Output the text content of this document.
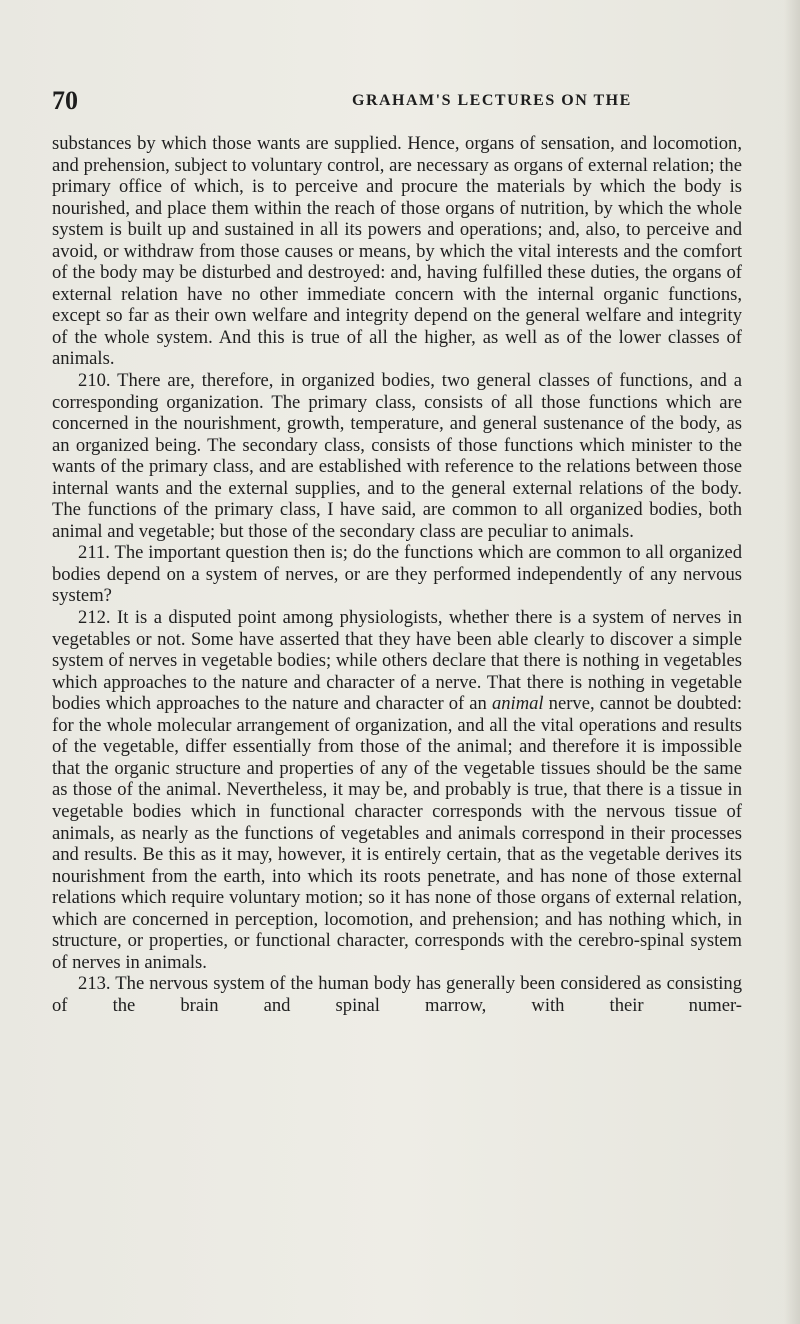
70	GRAHAM'S LECTURES ON THE

substances by which those wants are supplied. Hence, organs of sensation, and locomotion, and prehension, subject to voluntary control, are necessary as organs of external relation; the primary office of which, is to perceive and procure the materials by which the body is nourished, and place them within the reach of those organs of nutrition, by which the whole system is built up and sustained in all its powers and operations; and, also, to perceive and avoid, or withdraw from those causes or means, by which the vital interests and the comfort of the body may be disturbed and destroyed: and, having fulfilled these duties, the organs of external relation have no other immediate concern with the internal organic functions, except so far as their own welfare and integrity depend on the general welfare and integrity of the whole system. And this is true of all the higher, as well as of the lower classes of animals.

210. There are, therefore, in organized bodies, two general classes of functions, and a corresponding organization. The primary class, consists of all those functions which are concerned in the nourishment, growth, temperature, and general sustenance of the body, as an organized being. The secondary class, consists of those functions which minister to the wants of the primary class, and are established with reference to the relations between those internal wants and the external supplies, and to the general external relations of the body. The functions of the primary class, I have said, are common to all organized bodies, both animal and vegetable; but those of the secondary class are peculiar to animals.

211. The important question then is; do the functions which are common to all organized bodies depend on a system of nerves, or are they performed independently of any nervous system?

212. It is a disputed point among physiologists, whether there is a system of nerves in vegetables or not. Some have asserted that they have been able clearly to discover a simple system of nerves in vegetable bodies; while others declare that there is nothing in vegetables which approaches to the nature and character of a nerve. That there is nothing in vegetable bodies which approaches to the nature and character of an animal nerve, cannot be doubted: for the whole molecular arrangement of organization, and all the vital operations and results of the vegetable, differ essentially from those of the animal; and therefore it is impossible that the organic structure and properties of any of the vegetable tissues should be the same as those of the animal. Nevertheless, it may be, and probably is true, that there is a tissue in vegetable bodies which in functional character corresponds with the nervous tissue of animals, as nearly as the functions of vegetables and animals correspond in their processes and results. Be this as it may, however, it is entirely certain, that as the vegetable derives its nourishment from the earth, into which its roots penetrate, and has none of those external relations which require voluntary motion; so it has none of those organs of external relation, which are concerned in perception, locomotion, and prehension; and has nothing which, in structure, or properties, or functional character, corresponds with the cerebro-spinal system of nerves in animals.

213. The nervous system of the human body has generally been considered as consisting of the brain and spinal marrow, with their numer-
